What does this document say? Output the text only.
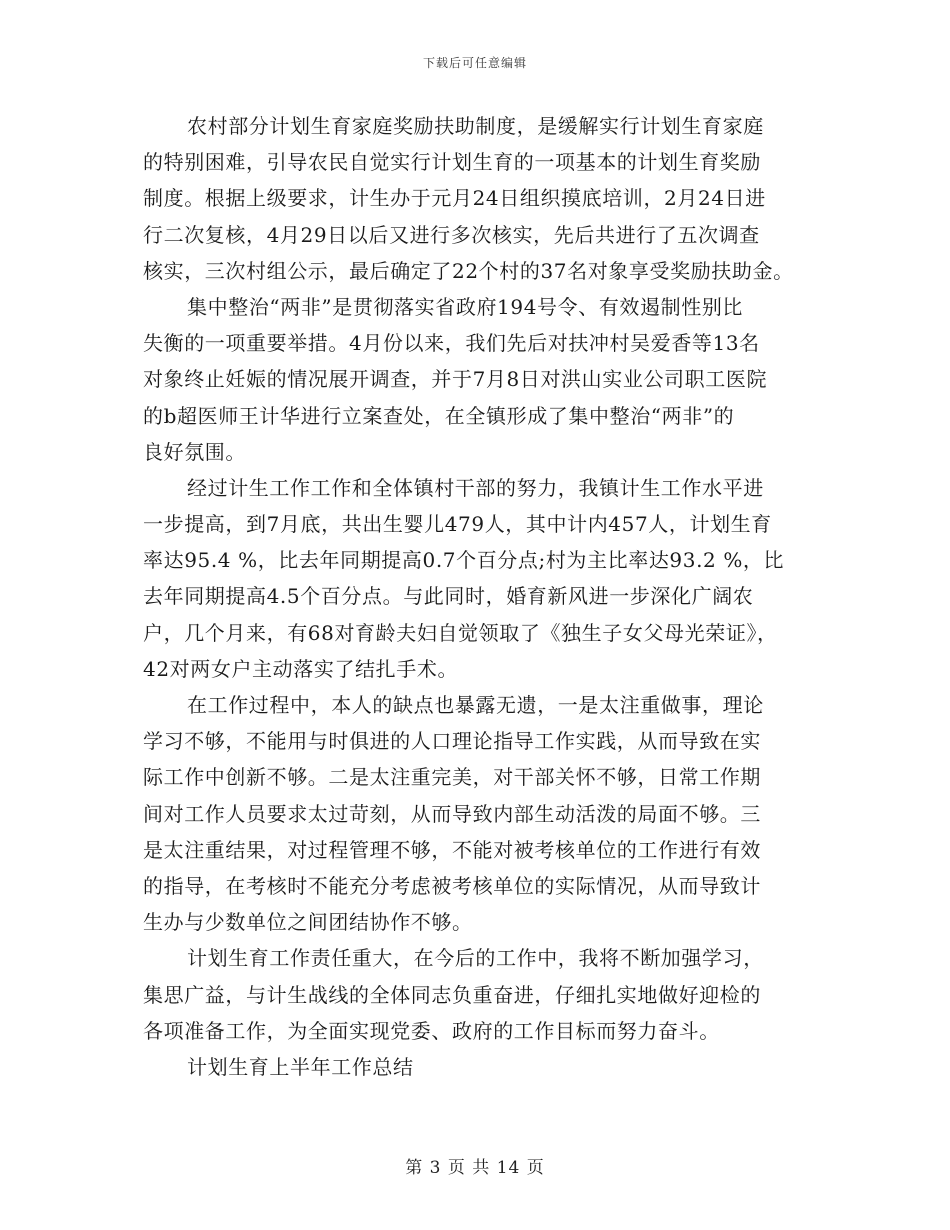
下载后可任意编辑
农村部分计划生育家庭奖励扶助制度，是缓解实行计划生育家庭
的特别困难，引导农民自觉实行计划生育的一项基本的计划生育奖励
制度。根据上级要求，计生办于元月24日组织摸底培训，2月24日进
行二次复核，4月29日以后又进行多次核实，先后共进行了五次调查
核实，三次村组公示，最后确定了22个村的37名对象享受奖励扶助金。
集中整治“两非”是贯彻落实省政府194号令、有效遏制性别比
失衡的一项重要举措。4月份以来，我们先后对扶冲村吴爱香等13名
对象终止妊娠的情况展开调查，并于7月8日对洪山实业公司职工医院
的b超医师王计华进行立案查处，在全镇形成了集中整治“两非”的
良好氛围。
经过计生工作工作和全体镇村干部的努力，我镇计生工作水平进
一步提高，到7月底，共出生婴儿479人，其中计内457人，计划生育
率达95.4 %，比去年同期提高0.7个百分点;村为主比率达93.2 %，比
去年同期提高4.5个百分点。与此同时，婚育新风进一步深化广阔农
户，几个月来，有68对育龄夫妇自觉领取了《独生子女父母光荣证》，
42对两女户主动落实了结扎手术。
在工作过程中，本人的缺点也暴露无遗，一是太注重做事，理论
学习不够，不能用与时俱进的人口理论指导工作实践，从而导致在实
际工作中创新不够。二是太注重完美，对干部关怀不够，日常工作期
间对工作人员要求太过苛刻，从而导致内部生动活泼的局面不够。三
是太注重结果，对过程管理不够，不能对被考核单位的工作进行有效
的指导，在考核时不能充分考虑被考核单位的实际情况，从而导致计
生办与少数单位之间团结协作不够。
计划生育工作责任重大，在今后的工作中，我将不断加强学习，
集思广益，与计生战线的全体同志负重奋进，仔细扎实地做好迎检的
各项准备工作，为全面实现党委、政府的工作目标而努力奋斗。
计划生育上半年工作总结
第 3 页 共 14 页
